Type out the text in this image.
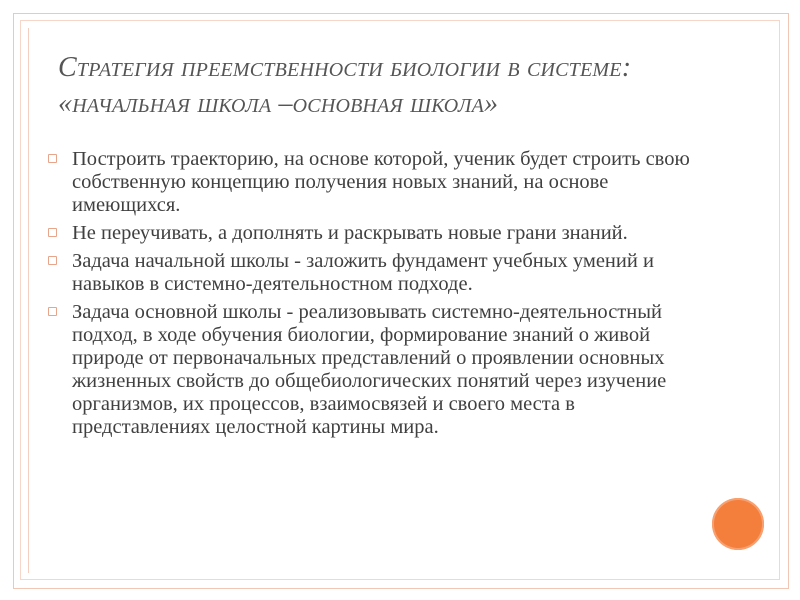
Стратегия преемственности биологии в системе:
«начальная школа –основная школа»
Построить траекторию, на основе которой, ученик будет строить свою собственную концепцию получения новых знаний, на основе имеющихся.
Не переучивать, а дополнять и раскрывать новые грани знаний.
Задача начальной школы - заложить фундамент учебных умений и навыков в системно-деятельностном подходе.
Задача основной школы - реализовывать системно-деятельностный подход, в ходе обучения биологии, формирование знаний о живой природе от первоначальных представлений о проявлении основных жизненных свойств до общебиологических понятий через изучение организмов, их процессов, взаимосвязей и своего места в представлениях целостной картины мира.
